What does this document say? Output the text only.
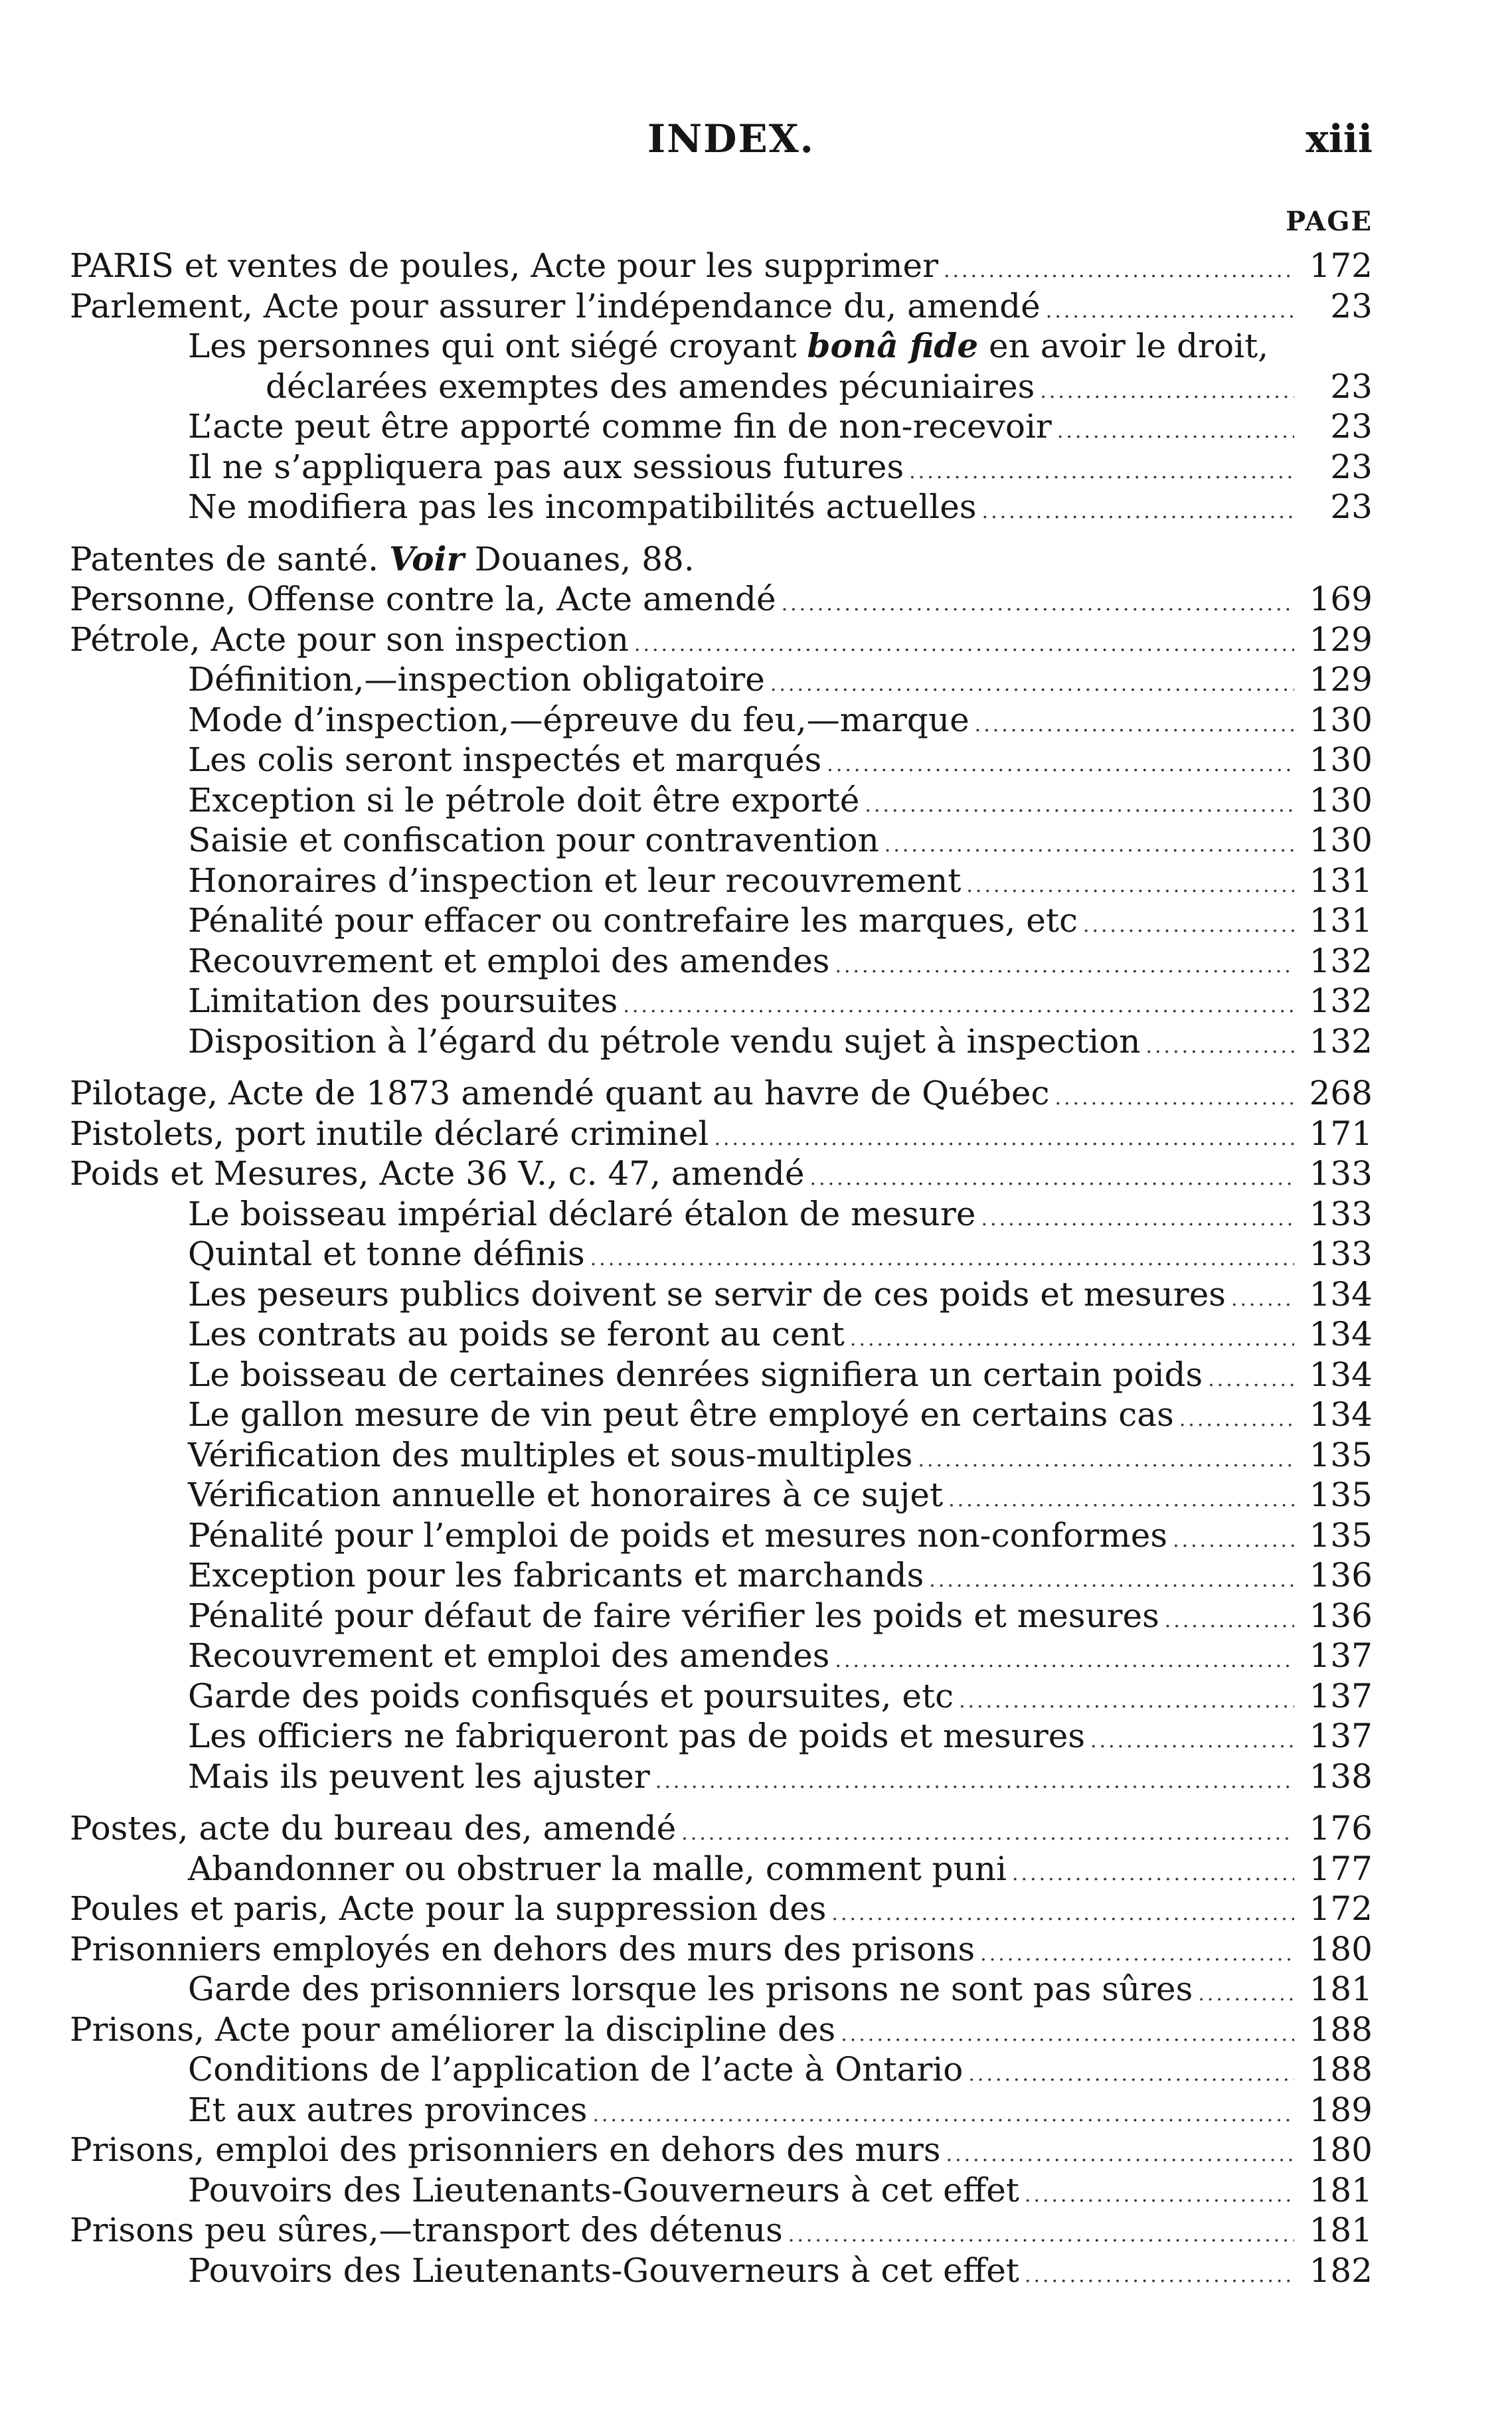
INDEX.	xiii
PAGE
PARIS et ventes de poules, Acte pour les supprimer .....	172
Parlement, Acte pour assurer l’indépendance du, amendé .....	23
Les personnes qui ont siégé croyant bonâ fide en avoir le droit,
déclarées exemptes des amendes pécuniaires .....	23
L’acte peut être apporté comme fin de non-recevoir .....	23
Il ne s’appliquera pas aux sessious futures .....	23
Ne modifiera pas les incompatibilités actuelles .....	23
Patentes de santé. Voir Douanes, 88.
Personne, Offense contre la, Acte amendé .....	169
Pétrole, Acte pour son inspection .....	129
Définition,—inspection obligatoire .....	129
Mode d’inspection,—épreuve du feu,—marque .....	130
Les colis seront inspectés et marqués .....	130
Exception si le pétrole doit être exporté .....	130
Saisie et confiscation pour contravention .....	130
Honoraires d’inspection et leur recouvrement .....	131
Pénalité pour effacer ou contrefaire les marques, etc .....	131
Recouvrement et emploi des amendes .....	132
Limitation des poursuites .....	132
Disposition à l’égard du pétrole vendu sujet à inspection .....	132
Pilotage, Acte de 1873 amendé quant au havre de Québec .....	268
Pistolets, port inutile déclaré criminel .....	171
Poids et Mesures, Acte 36 V., c. 47, amendé .....	133
Le boisseau impérial déclaré étalon de mesure .....	133
Quintal et tonne définis .....	133
Les peseurs publics doivent se servir de ces poids et mesures .....	134
Les contrats au poids se feront au cent .....	134
Le boisseau de certaines denrées signifiera un certain poids .....	134
Le gallon mesure de vin peut être employé en certains cas .....	134
Vérification des multiples et sous-multiples .....	135
Vérification annuelle et honoraires à ce sujet .....	135
Pénalité pour l’emploi de poids et mesures non-conformes .....	135
Exception pour les fabricants et marchands .....	136
Pénalité pour défaut de faire vérifier les poids et mesures .....	136
Recouvrement et emploi des amendes .....	137
Garde des poids confisqués et poursuites, etc .....	137
Les officiers ne fabriqueront pas de poids et mesures .....	137
Mais ils peuvent les ajuster .....	138
Postes, acte du bureau des, amendé .....	176
Abandonner ou obstruer la malle, comment puni .....	177
Poules et paris, Acte pour la suppression des .....	172
Prisonniers employés en dehors des murs des prisons .....	180
Garde des prisonniers lorsque les prisons ne sont pas sûres .....	181
Prisons, Acte pour améliorer la discipline des .....	188
Conditions de l’application de l’acte à Ontario .....	188
Et aux autres provinces .....	189
Prisons, emploi des prisonniers en dehors des murs .....	180
Pouvoirs des Lieutenants-Gouverneurs à cet effet .....	181
Prisons peu sûres,—transport des détenus .....	181
Pouvoirs des Lieutenants-Gouverneurs à cet effet .....	182
